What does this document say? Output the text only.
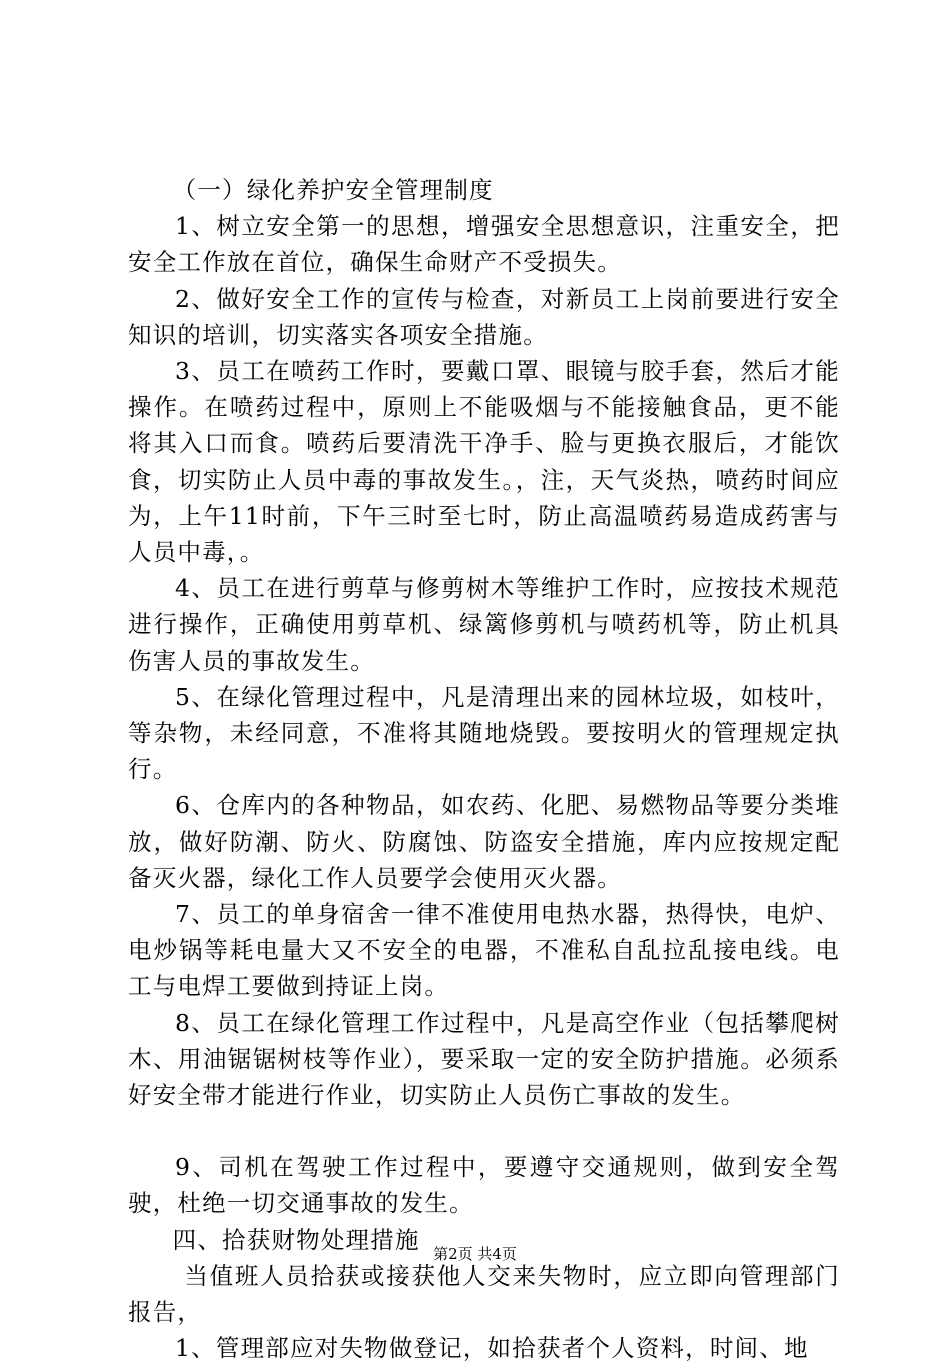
（一）绿化养护安全管理制度

1、树立安全第一的思想，增强安全思想意识，注重安全，把安全工作放在首位，确保生命财产不受损失。

2、做好安全工作的宣传与检查，对新员工上岗前要进行安全知识的培训，切实落实各项安全措施。

3、员工在喷药工作时，要戴口罩、眼镜与胶手套，然后才能操作。在喷药过程中，原则上不能吸烟与不能接触食品，更不能将其入口而食。喷药后要清洗干净手、脸与更换衣服后，才能饮食，切实防止人员中毒的事故发生。，注，天气炎热，喷药时间应为，上午11时前，下午三时至七时，防止高温喷药易造成药害与人员中毒，。

4、员工在进行剪草与修剪树木等维护工作时，应按技术规范进行操作，正确使用剪草机、绿篱修剪机与喷药机等，防止机具伤害人员的事故发生。

5、在绿化管理过程中，凡是清理出来的园林垃圾，如枝叶，等杂物，未经同意，不准将其随地烧毁。要按明火的管理规定执行。

6、仓库内的各种物品，如农药、化肥、易燃物品等要分类堆放，做好防潮、防火、防腐蚀、防盗安全措施，库内应按规定配备灭火器，绿化工作人员要学会使用灭火器。

7、员工的单身宿舍一律不准使用电热水器，热得快，电炉、电炒锅等耗电量大又不安全的电器，不准私自乱拉乱接电线。电工与电焊工要做到持证上岗。

8、员工在绿化管理工作过程中，凡是高空作业（包括攀爬树木、用油锯锯树枝等作业），要采取一定的安全防护措施。必须系好安全带才能进行作业，切实防止人员伤亡事故的发生。

9、司机在驾驶工作过程中，要遵守交通规则，做到安全驾驶，杜绝一切交通事故的发生。

四、拾获财物处理措施

当值班人员拾获或接获他人交来失物时，应立即向管理部门报告，

1、管理部应对失物做登记，如拾获者个人资料，时间、地

第2页 共4页
